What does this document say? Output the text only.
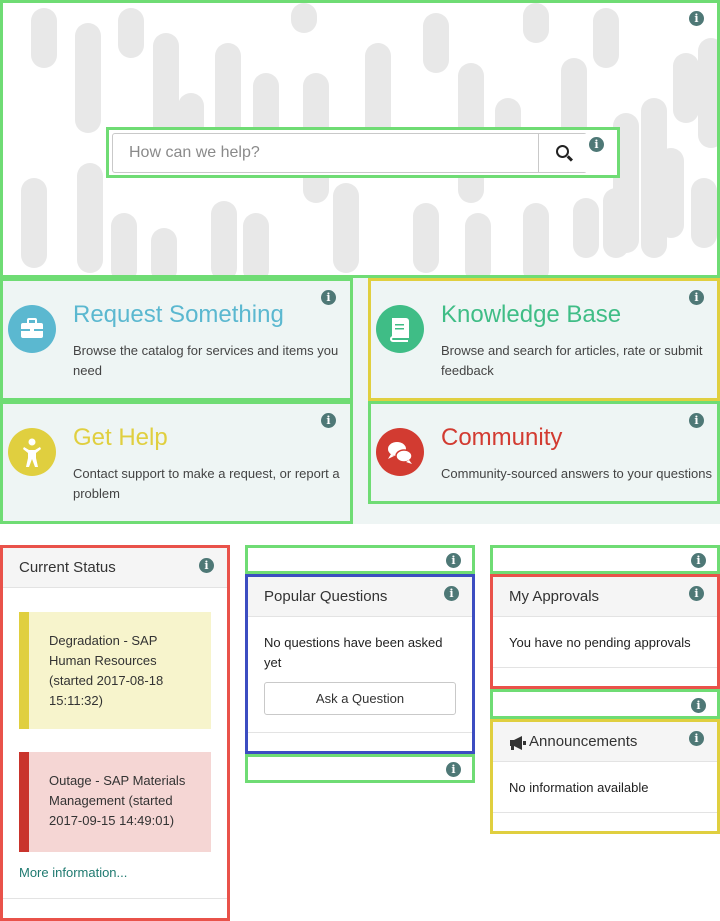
i
How can we help?
i
Request Something
Browse the catalog for services and items you need
i
Knowledge Base
Browse and search for articles, rate or submit feedback
i
Get Help
Contact support to make a request, or report a problem
i
Community
Community-sourced answers to your questions
i
Current Status	i
Degradation - SAP Human Resources (started 2017-08-18 15:11:32)
Outage - SAP Materials Management (started 2017-09-15 14:49:01)
More information...
i
Popular Questions	i
No questions have been asked yet
Ask a Question
i
i
My Approvals	i
You have no pending approvals
i
Announcements	i
No information available
